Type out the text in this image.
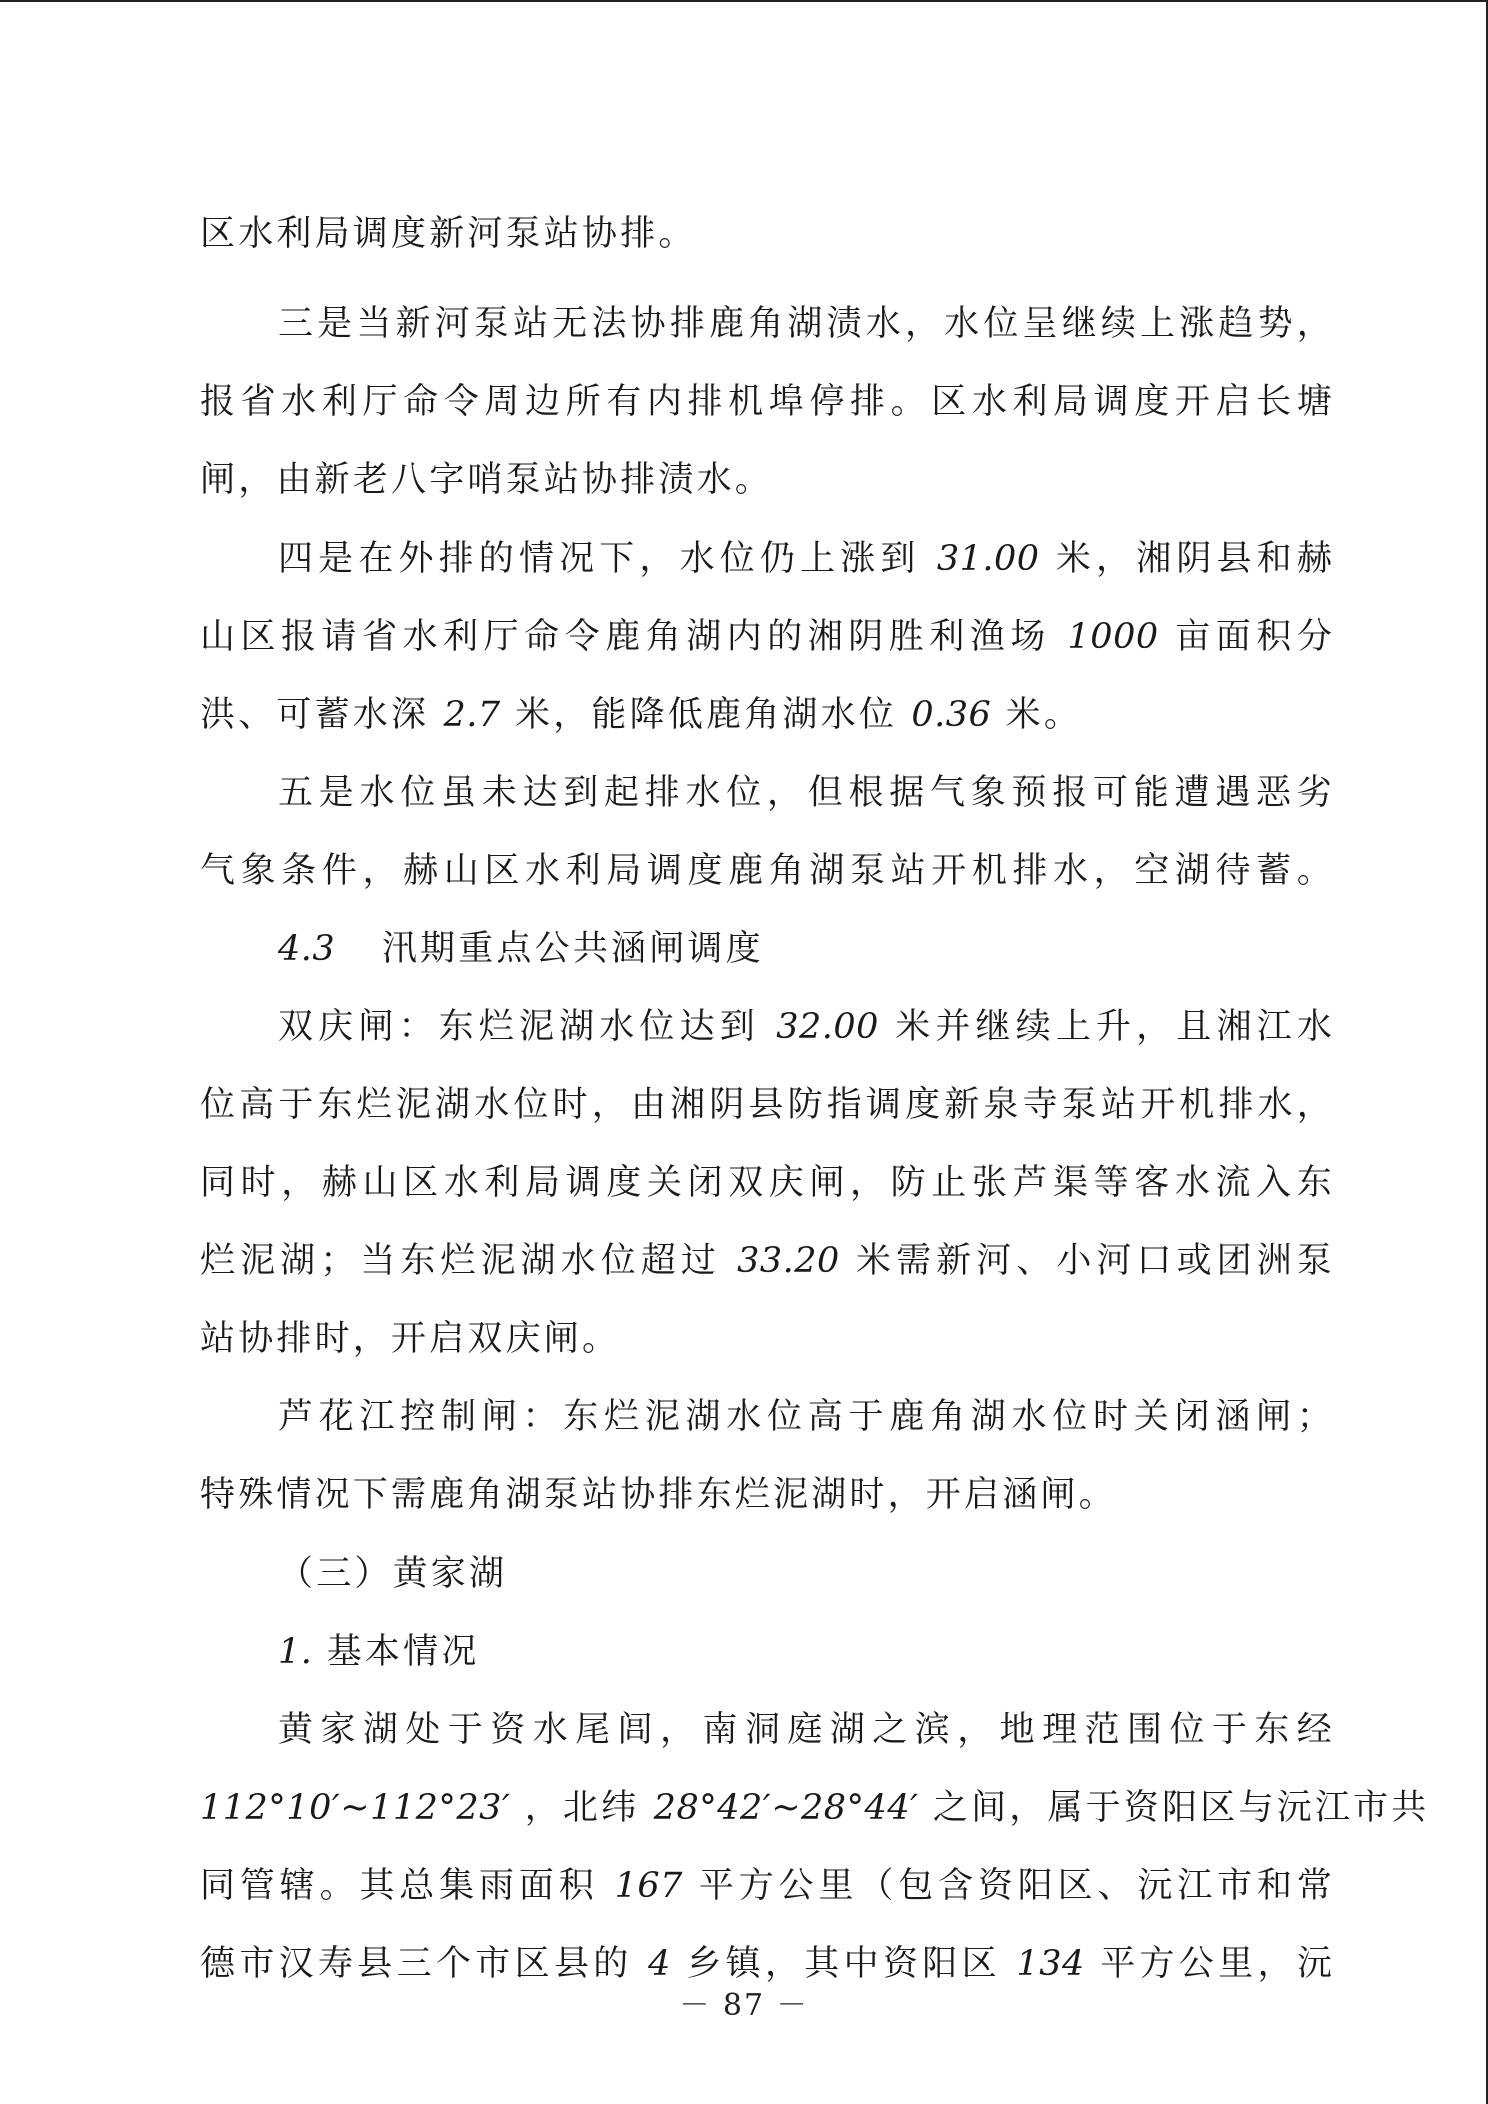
区水利局调度新河泵站协排。
三是当新河泵站无法协排鹿角湖渍水，水位呈继续上涨趋势，
报省水利厅命令周边所有内排机埠停排。区水利局调度开启长塘
闸，由新老八字哨泵站协排渍水。
四是在外排的情况下，水位仍上涨到 31.00 米，湘阴县和赫
山区报请省水利厅命令鹿角湖内的湘阴胜利渔场 1000 亩面积分
洪、可蓄水深 2.7 米，能降低鹿角湖水位 0.36 米。
五是水位虽未达到起排水位，但根据气象预报可能遭遇恶劣
气象条件，赫山区水利局调度鹿角湖泵站开机排水，空湖待蓄。
4.3 汛期重点公共涵闸调度
双庆闸：东烂泥湖水位达到 32.00 米并继续上升，且湘江水
位高于东烂泥湖水位时，由湘阴县防指调度新泉寺泵站开机排水，
同时，赫山区水利局调度关闭双庆闸，防止张芦渠等客水流入东
烂泥湖；当东烂泥湖水位超过 33.20 米需新河、小河口或团洲泵
站协排时，开启双庆闸。
芦花江控制闸：东烂泥湖水位高于鹿角湖水位时关闭涵闸；
特殊情况下需鹿角湖泵站协排东烂泥湖时，开启涵闸。
（三）黄家湖
1. 基本情况
黄家湖处于资水尾闾，南洞庭湖之滨，地理范围位于东经
112°10′~112°23′ ，北纬 28°42′~28°44′ 之间，属于资阳区与沅江市共
同管辖。其总集雨面积 167 平方公里（包含资阳区、沅江市和常
德市汉寿县三个市区县的 4 乡镇，其中资阳区 134 平方公里，沅
－ 87 －
